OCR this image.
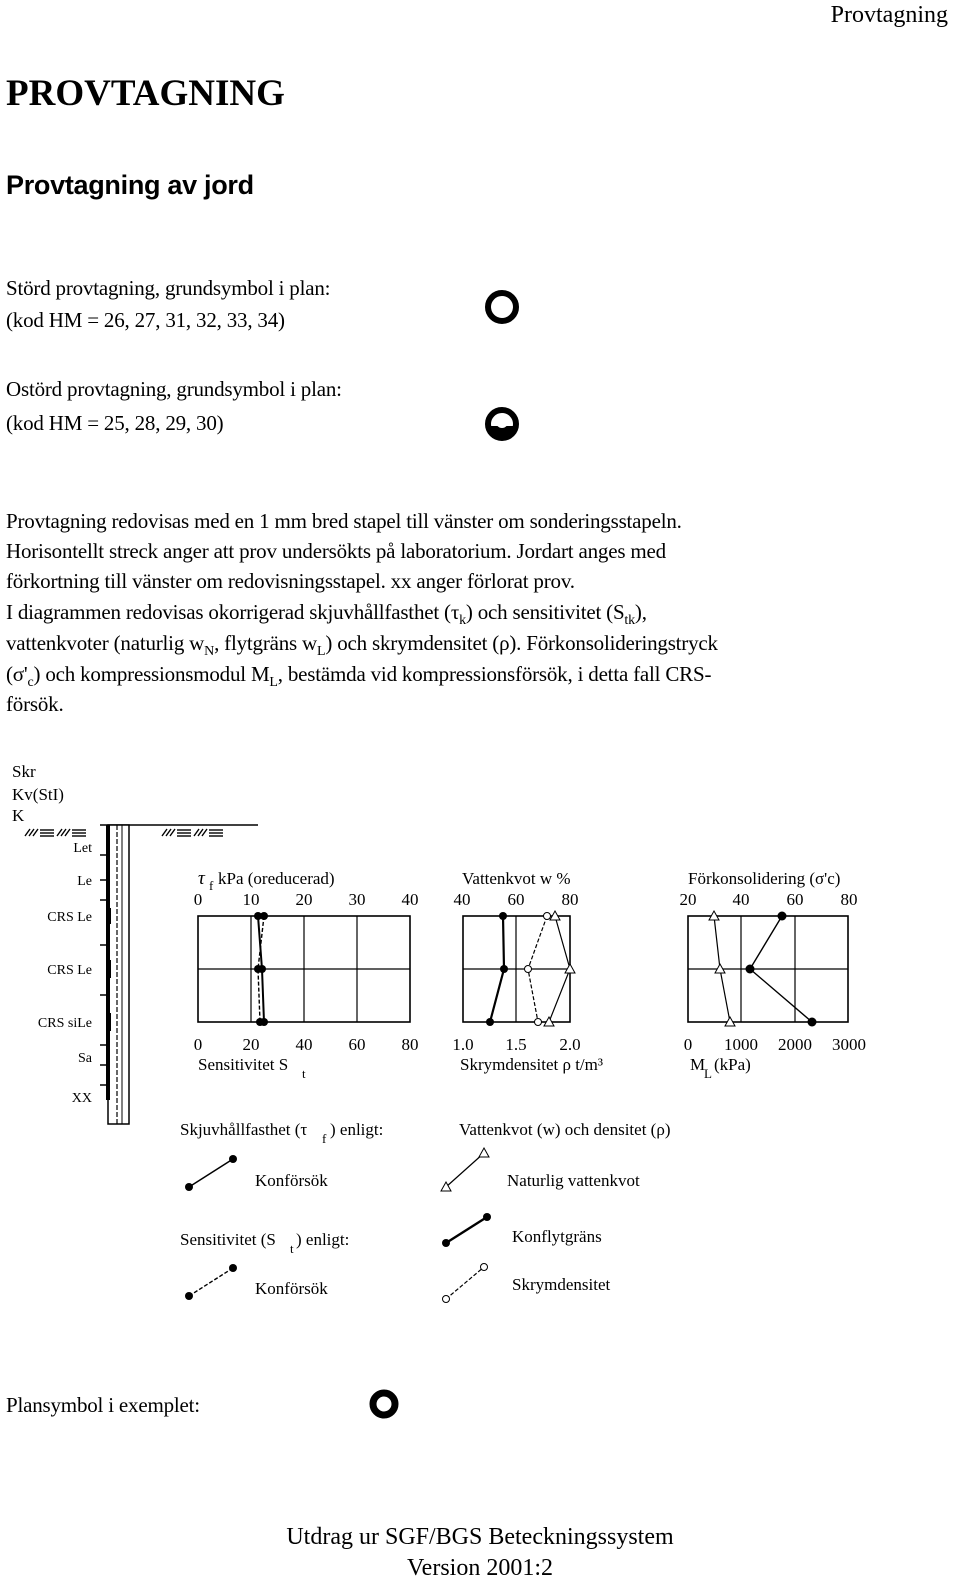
Provtagning
PROVTAGNING
Provtagning av jord
Störd provtagning, grundsymbol i plan:
(kod HM = 26, 27, 31, 32, 33, 34)
Ostörd provtagning, grundsymbol i plan:
(kod HM = 25, 28, 29, 30)
Provtagning redovisas med en 1 mm bred stapel till vänster om sonderingsstapeln.
Horisontellt streck anger att prov undersökts på laboratorium. Jordart anges med
förkortning till vänster om redovisningsstapel. xx anger förlorat prov.
I diagrammen redovisas okorrigerad skjuvhållfasthet $(\tau_k)$ och sensitivitet $(S_{tk})$,
vattenkvoter (naturlig $w_N$, flytgräns $w_L$) och skrymdensitet (ρ). Förkonsolideringstryck
$(\sigma'_c)$ och kompressionsmodul $M_L$, bestämda vid kompressionsförsök, i detta fall CRS-
försök.
Skr
Kv(StI)
K
Let
Le
CRS Le
CRS Le
CRS siLe
Sa
XX
τ f kPa (oreducerad)
0 10 20 30 40
0 20 40 60 80
Sensitivitet S t
Vattenkvot w %
40 60 80
1.0 1.5 2.0
Skrymdensitet ρ t/m³
Förkonsolidering (σ'c)
20 40 60 80
0 1000 2000 3000
M
L (kPa)
Skjuvhållfasthet (τ f ) enligt:
Konförsök
Sensitivitet (S t ) enligt:
Konförsök
Vattenkvot (w) och densitet (ρ)
Naturlig vattenkvot
Konflytgräns
Skrymdensitet
Plansymbol i exemplet:
Utdrag ur SGF/BGS Beteckningssystem
Version 2001:2
